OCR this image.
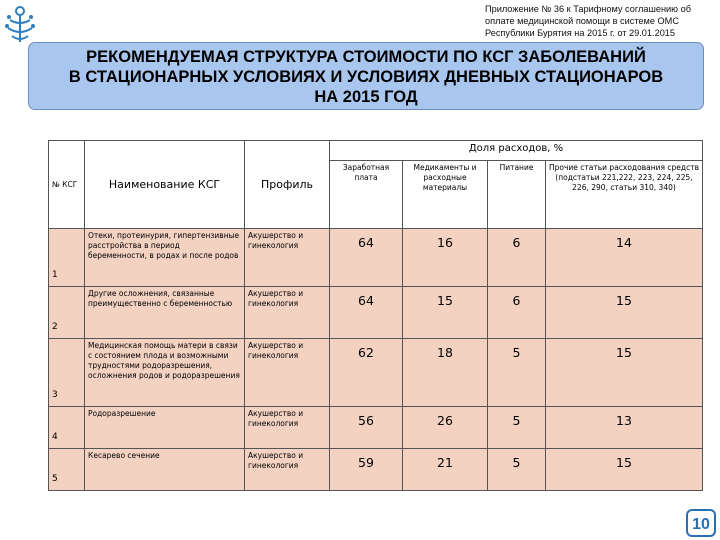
Приложение № 36 к Тарифному соглашению об
оплате медицинской помощи в системе ОМС
Республики Бурятия на 2015 г. от 29.01.2015
РЕКОМЕНДУЕМАЯ СТРУКТУРА СТОИМОСТИ ПО КСГ ЗАБОЛЕВАНИЙ
В СТАЦИОНАРНЫХ УСЛОВИЯХ И УСЛОВИЯХ ДНЕВНЫХ СТАЦИОНАРОВ
НА 2015 ГОД
№ КСГ	Наименование КСГ	Профиль	Доля расходов, %			
			Заработная плата	Медикаменты и расходные материалы	Питание	Прочие статьи расходования средств (подстатьи 221,222, 223, 224, 225, 226, 290, статьи 310, 340)
1	Отеки, протеинурия, гипертензивные расстройства в период беременности, в родах и после родов	Акушерство и гинекология	64	16	6	14
2	Другие осложнения, связанные преимущественно с беременностью	Акушерство и гинекология	64	15	6	15
3	Медицинская помощь матери в связи с состоянием плода и возможными трудностями родоразрешения, осложнения родов и родоразрешения	Акушерство и гинекология	62	18	5	15
4	Родоразрешение	Акушерство и гинекология	56	26	5	13
5	Кесарево сечение	Акушерство и гинекология	59	21	5	15
10
